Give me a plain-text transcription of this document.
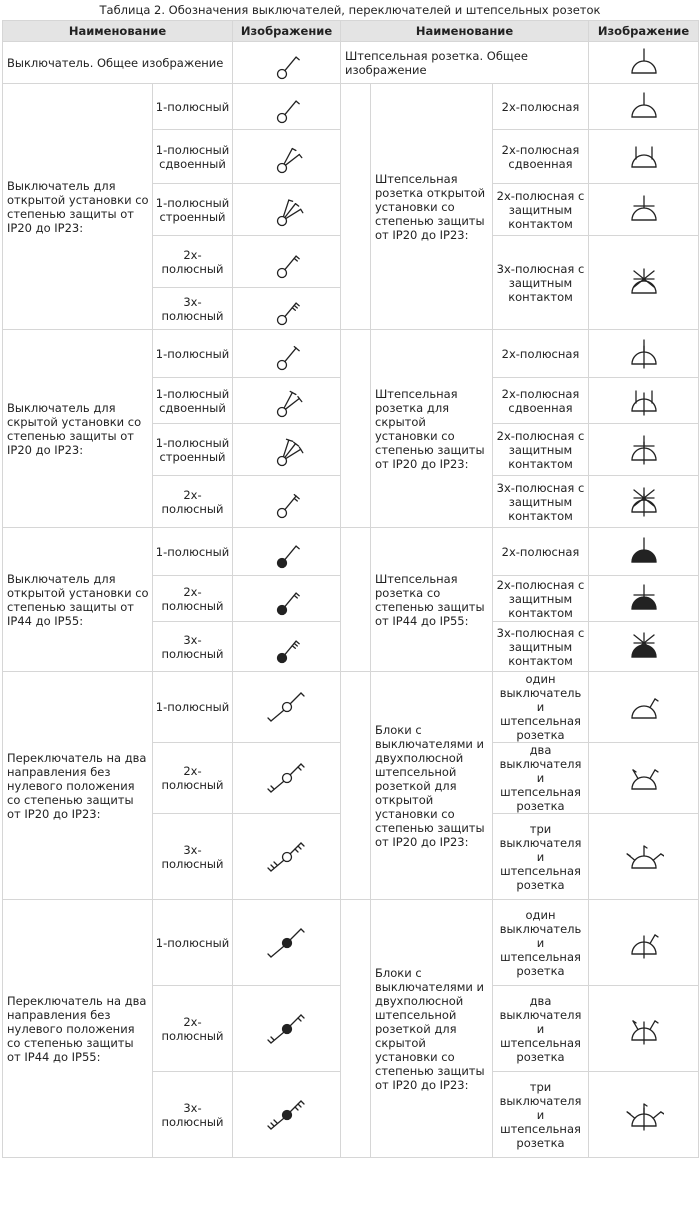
Таблица 2. Обозначения выключателей, переключателей и штепсельных розеток
Наименование		Изображение	Наименование			Изображение
Выключатель. Общее изображение			Штепсельная розетка. Общее изображение	

Выключатель для открытой установки со степенью защиты от IP20 до IP23:	1-полюсный			Штепсельная розетка открытой установки со степенью защиты от IP20 до IP23:	2х-полюсная	

	1-полюсный сдвоенный				2х-полюсная сдвоенная	

	1-полюсный строенный				2х-полюсная с защитным контактом	

	2х-полюсный				3х-полюсная с защитным контактом	

	3х-полюсный	

Выключатель для скрытой установки со степенью защиты от IP20 до IP23:	1-полюсный			Штепсельная розетка для скрытой установки со степенью защиты от IP20 до IP23:	2х-полюсная	

	1-полюсный сдвоенный				2х-полюсная сдвоенная	

	1-полюсный строенный				2х-полюсная с защитным контактом	

	2х-полюсный				3х-полюсная с защитным контактом	

Выключатель для открытой установки со степенью защиты от IP44 до IP55:	1-полюсный			Штепсельная розетка со степенью защиты от IP44 до IP55:	2х-полюсная	

	2х-полюсный				2х-полюсная с защитным контактом	

	3х-полюсный				3х-полюсная с защитным контактом	

Переключатель на два направления без нулевого положения со степенью защиты от IP20 до IP23:	1-полюсный			Блоки с выключателями и двухполюсной штепсельной розеткой для открытой установки со степенью защиты от IP20 до IP23:	один выключатель и штепсельная розетка	

	2х-полюсный				два выключателя и штепсельная розетка	

	3х-полюсный				три выключателя и штепсельная розетка	

Переключатель на два направления без нулевого положения со степенью защиты от IP44 до IP55:	1-полюсный			Блоки с выключателями и двухполюсной штепсельной розеткой для скрытой установки со степенью защиты от IP20 до IP23:	один выключатель и штепсельная розетка	

	2х-полюсный				два выключателя и штепсельная розетка	

	3х-полюсный				три выключателя и штепсельная розетка	
